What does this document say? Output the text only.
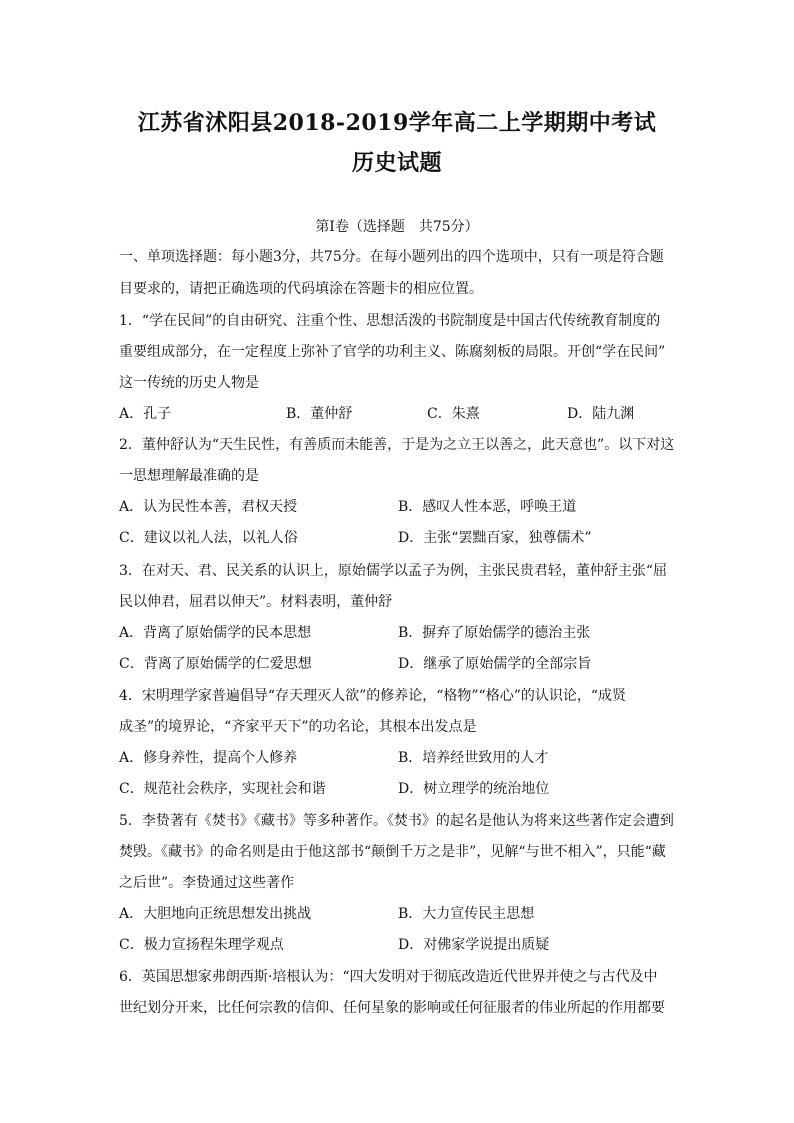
江苏省沭阳县2018-2019学年高二上学期期中考试
历史试题
第Ⅰ卷（选择题　共75分）
一、单项选择题：每小题3分，共75分。在每小题列出的四个选项中，只有一项是符合题
目要求的，请把正确选项的代码填涂在答题卡的相应位置。
1．“学在民间”的自由研究、注重个性、思想活泼的书院制度是中国古代传统教育制度的
重要组成部分，在一定程度上弥补了官学的功利主义、陈腐刻板的局限。开创“学在民间”
这一传统的历史人物是
A．孔子	B．董仲舒	C．朱熹	D．陆九渊
2．董仲舒认为“天生民性，有善质而未能善，于是为之立王以善之，此天意也”。以下对这
一思想理解最准确的是
A．认为民性本善，君权天授	B．感叹人性本恶，呼唤王道
C．建议以礼人法，以礼人俗	D．主张“罢黜百家，独尊儒术”
3．在对天、君、民关系的认识上，原始儒学以孟子为例，主张民贵君轻，董仲舒主张“屈
民以伸君，屈君以伸天”。材料表明，董仲舒
A．背离了原始儒学的民本思想	B．摒弃了原始儒学的德治主张
C．背离了原始儒学的仁爱思想	D．继承了原始儒学的全部宗旨
4．宋明理学家普遍倡导“存天理灭人欲”的修养论，“格物”“格心”的认识论，“成贤
成圣”的境界论，“齐家平天下”的功名论，其根本出发点是
A．修身养性，提高个人修养	B．培养经世致用的人才
C．规范社会秩序，实现社会和谐	D．树立理学的统治地位
5．李贽著有《焚书》《藏书》等多种著作。《焚书》的起名是他认为将来这些著作定会遭到
焚毁。《藏书》的命名则是由于他这部书“颠倒千万之是非”，见解“与世不相入”，只能“藏
之后世”。李贽通过这些著作
A．大胆地向正统思想发出挑战	B．大力宣传民主思想
C．极力宣扬程朱理学观点	D．对佛家学说提出质疑
6．英国思想家弗朗西斯·培根认为：“四大发明对于彻底改造近代世界并使之与古代及中
世纪划分开来，比任何宗教的信仰、任何星象的影响或任何征服者的伟业所起的作用都要
